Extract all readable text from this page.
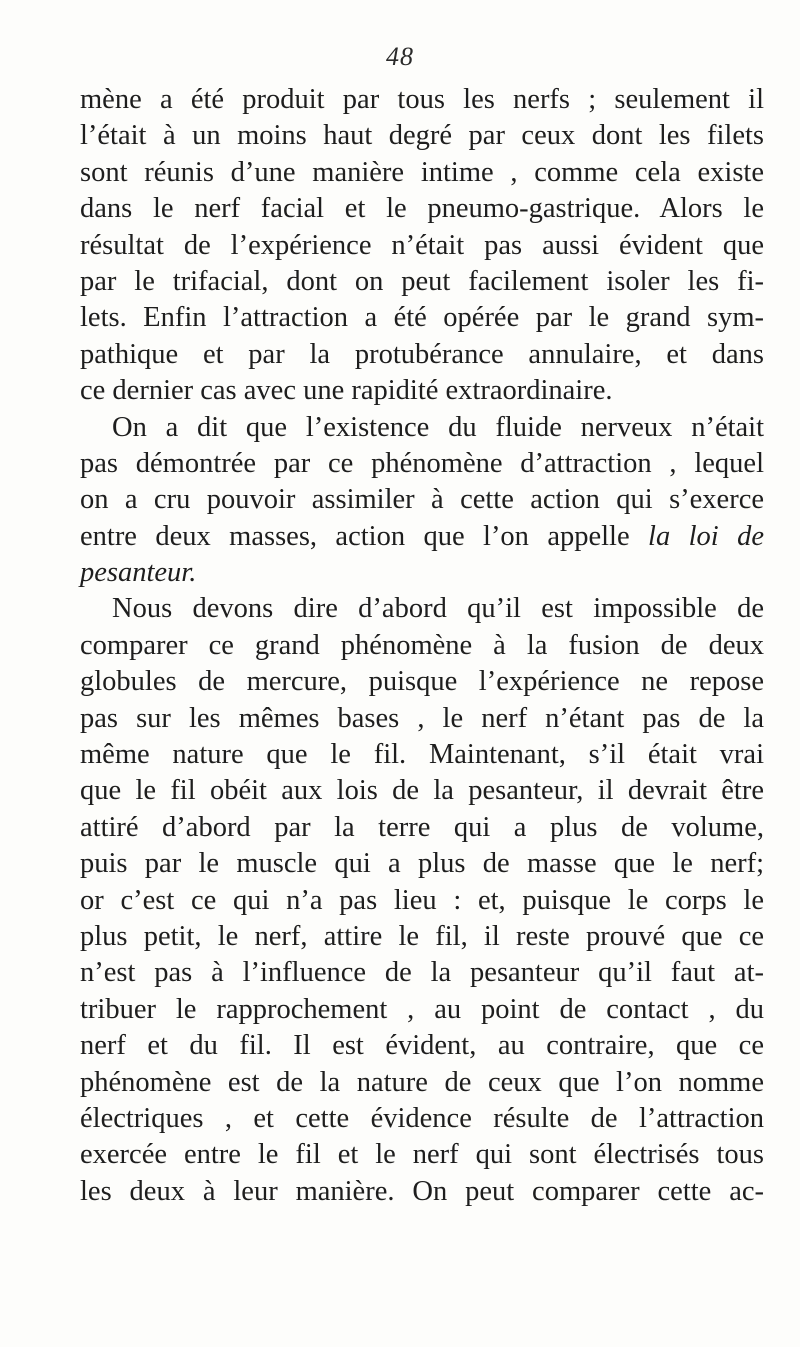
48
mène a été produit par tous les nerfs ; seulement il
l’était à un moins haut degré par ceux dont les filets
sont réunis d’une manière intime , comme cela existe
dans le nerf facial et le pneumo-gastrique. Alors le
résultat de l’expérience n’était pas aussi évident que
par le trifacial, dont on peut facilement isoler les fi-
lets. Enfin l’attraction a été opérée par le grand sym-
pathique et par la protubérance annulaire, et dans
ce dernier cas avec une rapidité extraordinaire.
On a dit que l’existence du fluide nerveux n’était
pas démontrée par ce phénomène d’attraction , lequel
on a cru pouvoir assimiler à cette action qui s’exerce
entre deux masses, action que l’on appelle la loi de
pesanteur.
Nous devons dire d’abord qu’il est impossible de
comparer ce grand phénomène à la fusion de deux
globules de mercure, puisque l’expérience ne repose
pas sur les mêmes bases , le nerf n’étant pas de la
même nature que le fil. Maintenant, s’il était vrai
que le fil obéit aux lois de la pesanteur, il devrait être
attiré d’abord par la terre qui a plus de volume,
puis par le muscle qui a plus de masse que le nerf;
or c’est ce qui n’a pas lieu : et, puisque le corps le
plus petit, le nerf, attire le fil, il reste prouvé que ce
n’est pas à l’influence de la pesanteur qu’il faut at-
tribuer le rapprochement , au point de contact , du
nerf et du fil. Il est évident, au contraire, que ce
phénomène est de la nature de ceux que l’on nomme
électriques , et cette évidence résulte de l’attraction
exercée entre le fil et le nerf qui sont électrisés tous
les deux à leur manière. On peut comparer cette ac-
